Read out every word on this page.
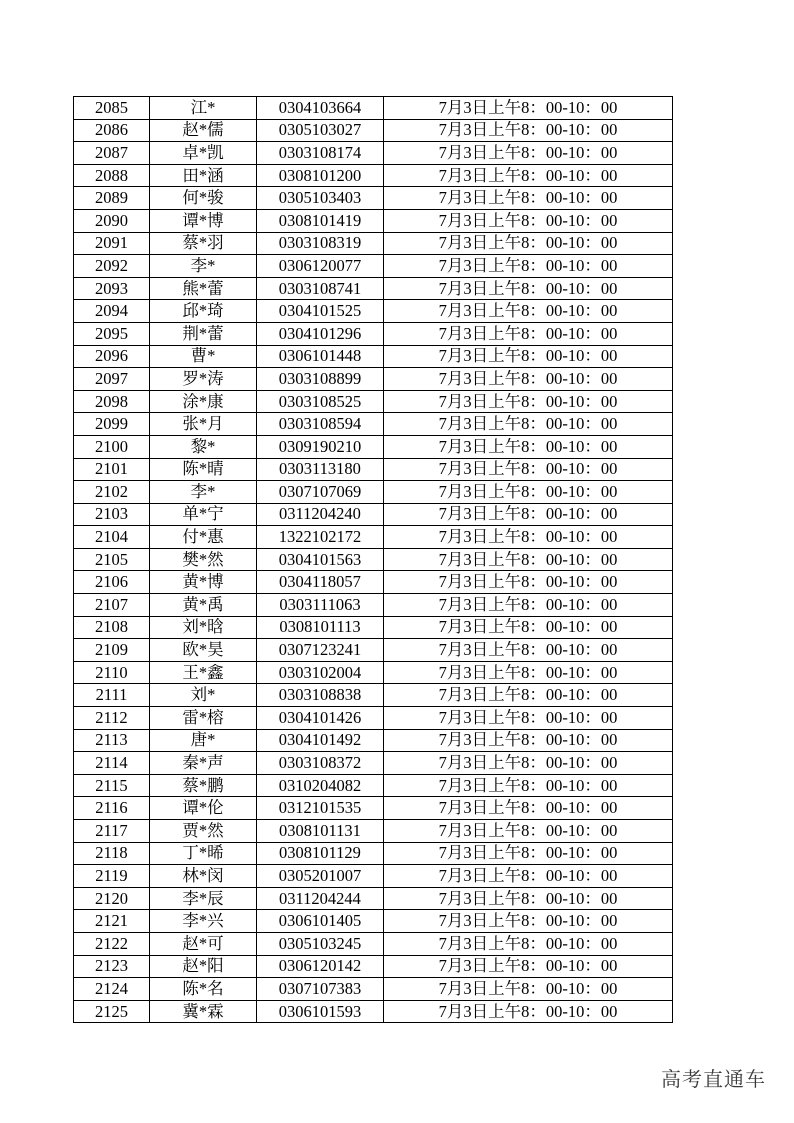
2085	江*	0304103664	7月3日上午8：00-10：00
2086	赵*儒	0305103027	7月3日上午8：00-10：00
2087	卓*凯	0303108174	7月3日上午8：00-10：00
2088	田*涵	0308101200	7月3日上午8：00-10：00
2089	何*骏	0305103403	7月3日上午8：00-10：00
2090	谭*博	0308101419	7月3日上午8：00-10：00
2091	蔡*羽	0303108319	7月3日上午8：00-10：00
2092	李*	0306120077	7月3日上午8：00-10：00
2093	熊*蕾	0303108741	7月3日上午8：00-10：00
2094	邱*琦	0304101525	7月3日上午8：00-10：00
2095	荆*蕾	0304101296	7月3日上午8：00-10：00
2096	曹*	0306101448	7月3日上午8：00-10：00
2097	罗*涛	0303108899	7月3日上午8：00-10：00
2098	涂*康	0303108525	7月3日上午8：00-10：00
2099	张*月	0303108594	7月3日上午8：00-10：00
2100	黎*	0309190210	7月3日上午8：00-10：00
2101	陈*晴	0303113180	7月3日上午8：00-10：00
2102	李*	0307107069	7月3日上午8：00-10：00
2103	单*宁	0311204240	7月3日上午8：00-10：00
2104	付*惠	1322102172	7月3日上午8：00-10：00
2105	樊*然	0304101563	7月3日上午8：00-10：00
2106	黄*博	0304118057	7月3日上午8：00-10：00
2107	黄*禹	0303111063	7月3日上午8：00-10：00
2108	刘*晗	0308101113	7月3日上午8：00-10：00
2109	欧*昊	0307123241	7月3日上午8：00-10：00
2110	王*鑫	0303102004	7月3日上午8：00-10：00
2111	刘*	0303108838	7月3日上午8：00-10：00
2112	雷*榕	0304101426	7月3日上午8：00-10：00
2113	唐*	0304101492	7月3日上午8：00-10：00
2114	秦*声	0303108372	7月3日上午8：00-10：00
2115	蔡*鹏	0310204082	7月3日上午8：00-10：00
2116	谭*伦	0312101535	7月3日上午8：00-10：00
2117	贾*然	0308101131	7月3日上午8：00-10：00
2118	丁*晞	0308101129	7月3日上午8：00-10：00
2119	林*闵	0305201007	7月3日上午8：00-10：00
2120	李*辰	0311204244	7月3日上午8：00-10：00
2121	李*兴	0306101405	7月3日上午8：00-10：00
2122	赵*可	0305103245	7月3日上午8：00-10：00
2123	赵*阳	0306120142	7月3日上午8：00-10：00
2124	陈*名	0307107383	7月3日上午8：00-10：00
2125	冀*霖	0306101593	7月3日上午8：00-10：00
高考直通车
